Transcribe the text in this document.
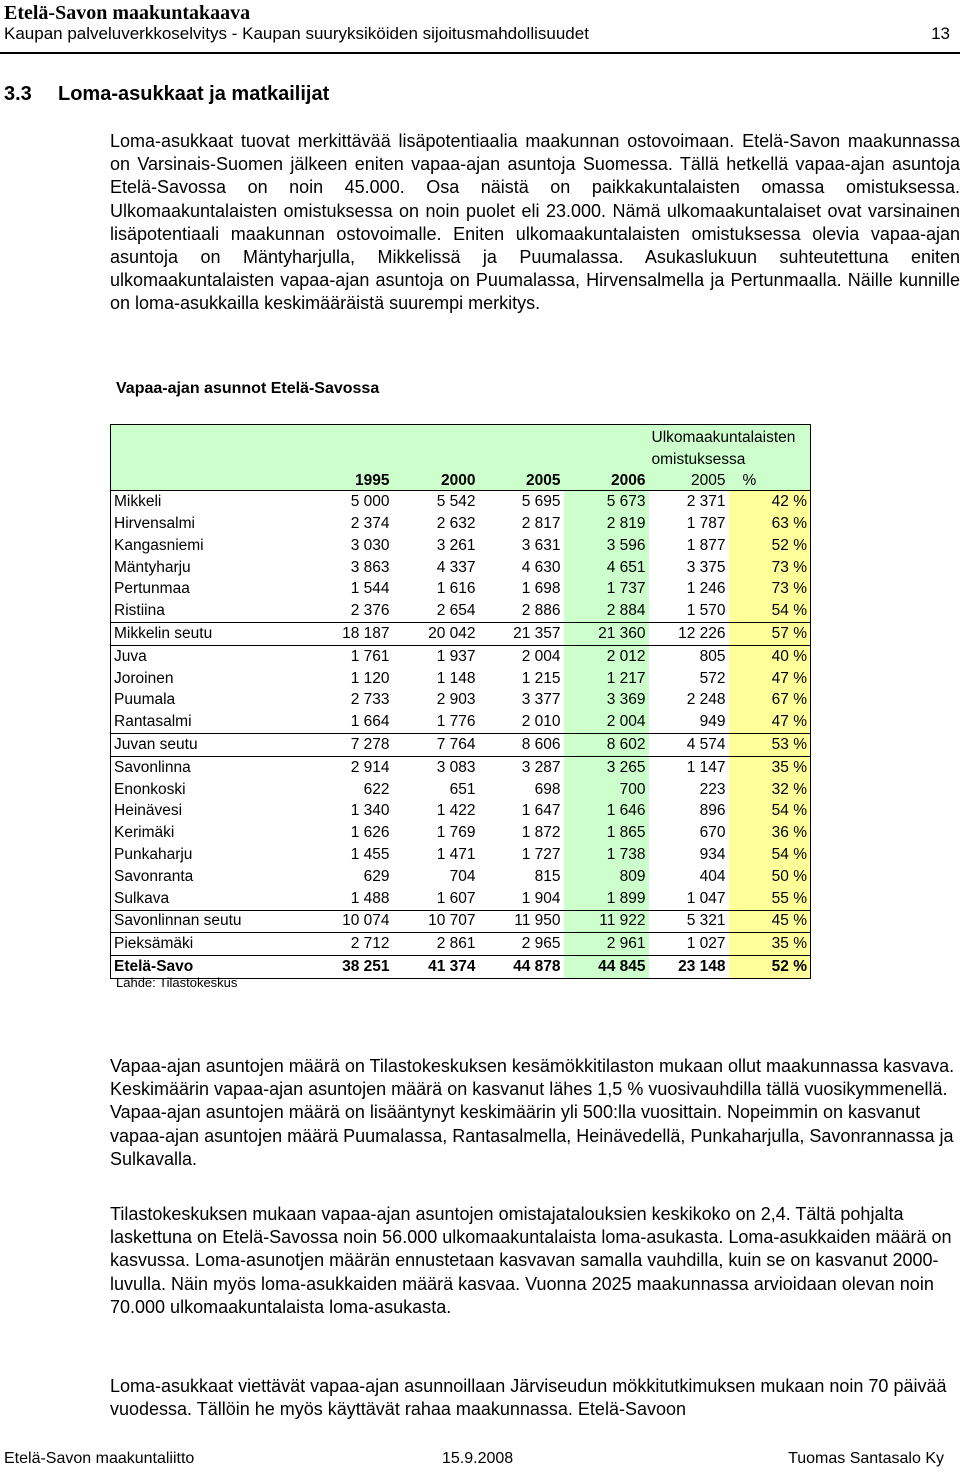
Etelä-Savon maakuntakaava
Kaupan palveluverkkoselvitys - Kaupan suuryksiköiden sijoitusmahdollisuudet	13
3.3 Loma-asukkaat ja matkailijat

Loma-asukkaat tuovat merkittävää lisäpotentiaalia maakunnan ostovoimaan. Etelä-Savon maakunnassa on Varsinais-Suomen jälkeen eniten vapaa-ajan asuntoja Suomessa. Tällä hetkellä vapaa-ajan asuntoja Etelä-Savossa on noin 45.000. Osa näistä on paikkakuntalaisten omassa omistuksessa. Ulkomaakuntalaisten omistuksessa on noin puolet eli 23.000. Nämä ulkomaakuntalaiset ovat varsinainen lisäpotentiaali maakunnan ostovoimalle. Eniten ulkomaakuntalaisten omistuksessa olevia vapaa-ajan asuntoja on Mäntyharjulla, Mikkelissä ja Puumalassa. Asukaslukuun suhteutettuna eniten ulkomaakuntalaisten vapaa-ajan asuntoja on Puumalassa, Hirvensalmella ja Pertunmaalla. Näille kunnille on loma-asukkailla keskimääräistä suurempi merkitys.

Vapaa-ajan asunnot Etelä-Savossa

					Ulkomaakuntalaisten	

					omistuksessa	
	1995	2000	2005	2006	2005	%
Mikkeli	5 000	5 542	5 695	5 673	2 371	42 %
Hirvensalmi	2 374	2 632	2 817	2 819	1 787	63 %
Kangasniemi	3 030	3 261	3 631	3 596	1 877	52 %
Mäntyharju	3 863	4 337	4 630	4 651	3 375	73 %
Pertunmaa	1 544	1 616	1 698	1 737	1 246	73 %
Ristiina	2 376	2 654	2 886	2 884	1 570	54 %
Mikkelin seutu	18 187	20 042	21 357	21 360	12 226	57 %
Juva	1 761	1 937	2 004	2 012	805	40 %
Joroinen	1 120	1 148	1 215	1 217	572	47 %
Puumala	2 733	2 903	3 377	3 369	2 248	67 %
Rantasalmi	1 664	1 776	2 010	2 004	949	47 %
Juvan seutu	7 278	7 764	8 606	8 602	4 574	53 %
Savonlinna	2 914	3 083	3 287	3 265	1 147	35 %
Enonkoski	622	651	698	700	223	32 %
Heinävesi	1 340	1 422	1 647	1 646	896	54 %
Kerimäki	1 626	1 769	1 872	1 865	670	36 %
Punkaharju	1 455	1 471	1 727	1 738	934	54 %
Savonranta	629	704	815	809	404	50 %
Sulkava	1 488	1 607	1 904	1 899	1 047	55 %
Savonlinnan seutu	10 074	10 707	11 950	11 922	5 321	45 %
Pieksämäki	2 712	2 861	2 965	2 961	1 027	35 %
Etelä-Savo	38 251	41 374	44 878	44 845	23 148	52 %
Lähde: Tilastokeskus

Vapaa-ajan asuntojen määrä on Tilastokeskuksen kesämökkitilaston mukaan ollut maakunnassa kasvava. Keskimäärin vapaa-ajan asuntojen määrä on kasvanut lähes 1,5 % vuosivauhdilla tällä vuosikymmenellä. Vapaa-ajan asuntojen määrä on lisääntynyt keskimäärin yli 500:lla vuosittain. Nopeimmin on kasvanut vapaa-ajan asuntojen määrä Puumalassa, Rantasalmella, Heinävedellä, Punkaharjulla, Savonrannassa ja Sulkavalla.

Tilastokeskuksen mukaan vapaa-ajan asuntojen omistajatalouksien keskikoko on 2,4. Tältä pohjalta laskettuna on Etelä-Savossa noin 56.000 ulkomaakuntalaista loma-asukasta. Loma-asukkaiden määrä on kasvussa. Loma-asunotjen määrän ennustetaan kasvavan samalla vauhdilla, kuin se on kasvanut 2000-luvulla. Näin myös loma-asukkaiden määrä kasvaa. Vuonna 2025 maakunnassa arvioidaan olevan noin 70.000 ulkomaakuntalaista loma-asukasta.

Loma-asukkaat viettävät vapaa-ajan asunnoillaan Järviseudun mökkitutkimuksen mukaan noin 70 päivää vuodessa. Tällöin he myös käyttävät rahaa maakunnassa. Etelä-Savoon

Etelä-Savon maakuntaliitto	15.9.2008	Tuomas Santasalo Ky
